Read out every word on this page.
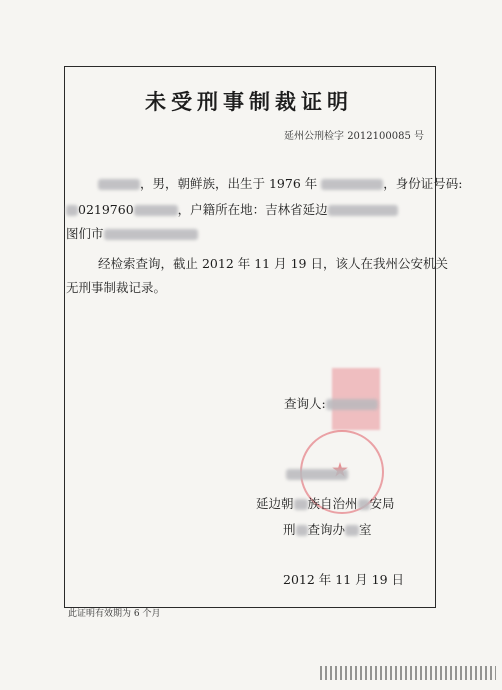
未受刑事制裁证明
延州公刑检字 2012100085 号
，男，朝鲜族，出生于 1976 年	，身份证号码:
0219760	，户籍所在地：吉林省延边
图们市
经检索查询，截止 2012 年 11 月 19 日，该人在我州公安机关
无刑事制裁记录。
查询人:
延边朝 族自治州 安局
刑 查询办 室
2012 年 11 月 19 日
此证明有效期为 6 个月
